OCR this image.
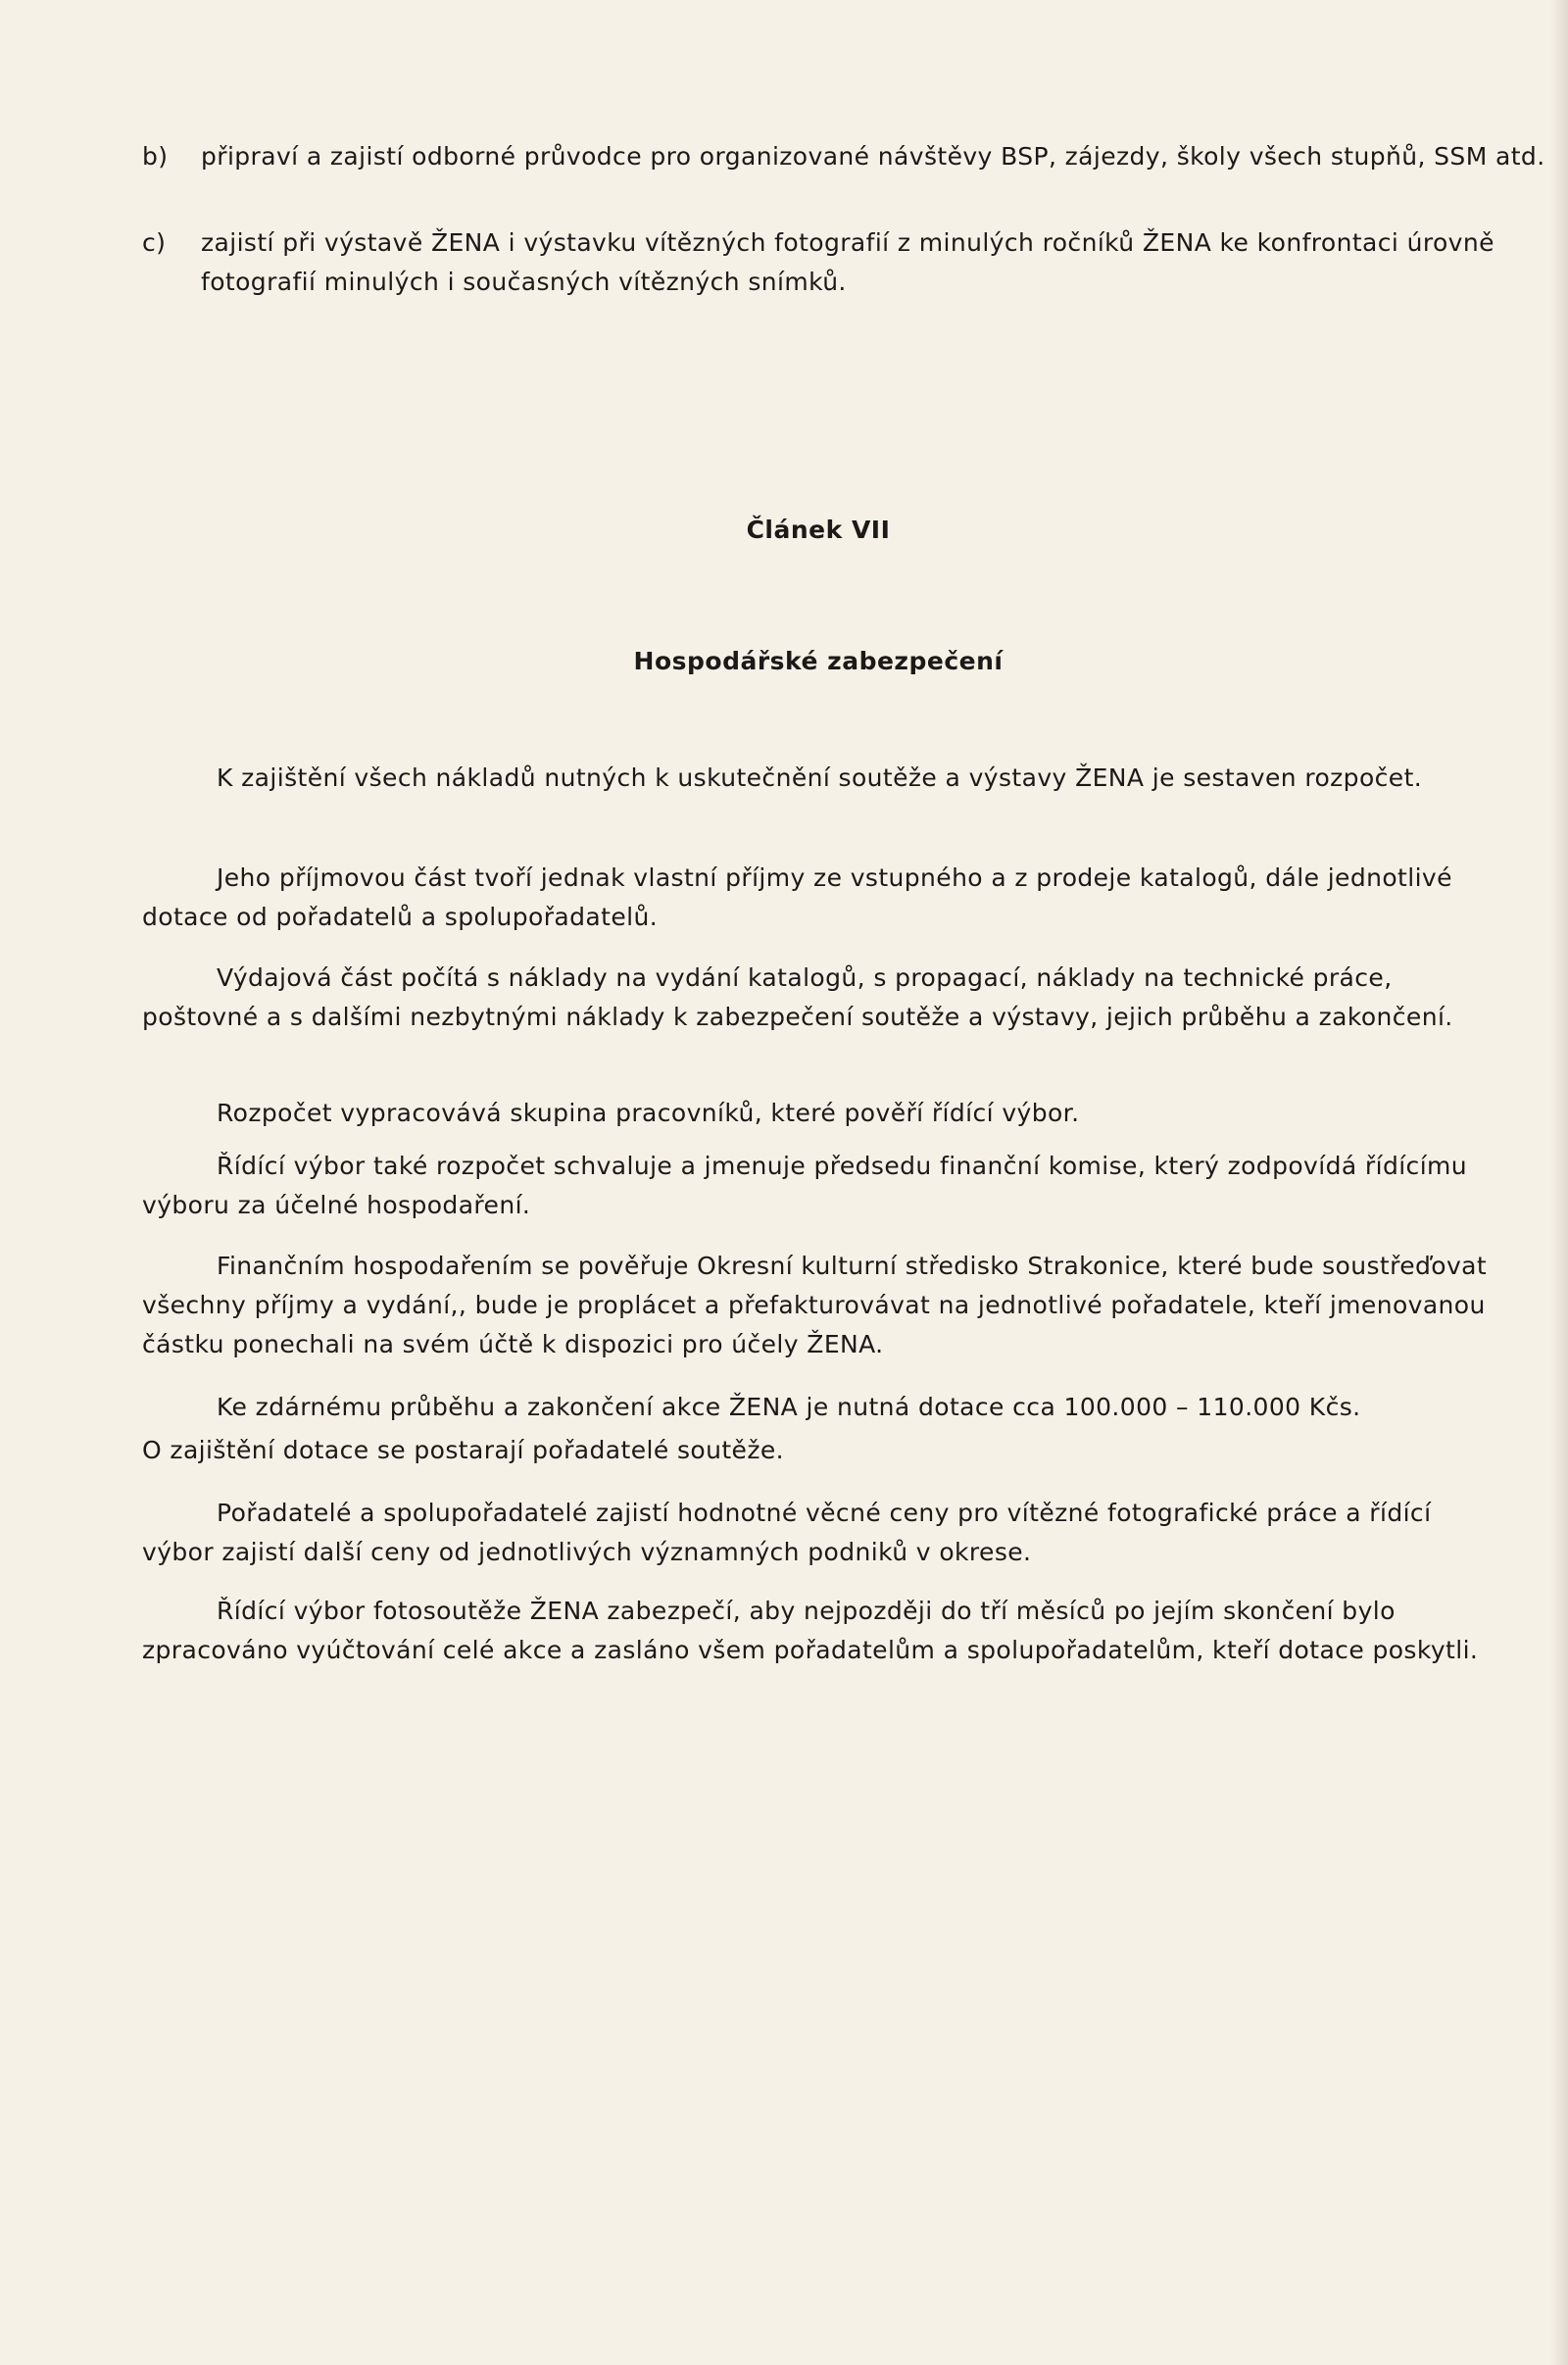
b) připraví a zajistí odborné průvodce pro organizované návštěvy BSP, zájezdy, školy všech stupňů, SSM atd.

c) zajistí při výstavě ŽENA i výstavku vítězných fotografií z minulých ročníků ŽENA ke konfrontaci úrovně fotografií minulých i současných vítězných snímků.

Článek VII
Hospodářské zabezpečení

K zajištění všech nákladů nutných k uskutečnění soutěže a výstavy ŽENA je sestaven rozpočet.

Jeho příjmovou část tvoří jednak vlastní příjmy ze vstupného a z prodeje katalogů, dále jednotlivé dotace od pořadatelů a spolupořadatelů.

Výdajová část počítá s náklady na vydání katalogů, s propagací, náklady na technické práce, poštovné a s dalšími nezbytnými náklady k zabezpečení soutěže a výstavy, jejich průběhu a zakončení.

Rozpočet vypracovává skupina pracovníků, které pověří řídící výbor.

Řídící výbor také rozpočet schvaluje a jmenuje předsedu finanční komise, který zodpovídá řídícímu výboru za účelné hospodaření.

Finančním hospodařením se pověřuje Okresní kulturní středisko Strakonice, které bude soustřeďovat všechny příjmy a vydání,, bude je proplácet a přefakturovávat na jednotlivé pořadatele, kteří jmenovanou částku ponechali na svém účtě k dispozici pro účely ŽENA.

Ke zdárnému průběhu a zakončení akce ŽENA je nutná dotace cca 100.000 – 110.000 Kčs.

O zajištění dotace se postarají pořadatelé soutěže.

Pořadatelé a spolupořadatelé zajistí hodnotné věcné ceny pro vítězné fotografické práce a řídící výbor zajistí další ceny od jednotlivých významných podniků v okrese.

Řídící výbor fotosoutěže ŽENA zabezpečí, aby nejpozději do tří měsíců po jejím skončení bylo zpracováno vyúčtování celé akce a zasláno všem pořadatelům a spolupořadatelům, kteří dotace poskytli.
